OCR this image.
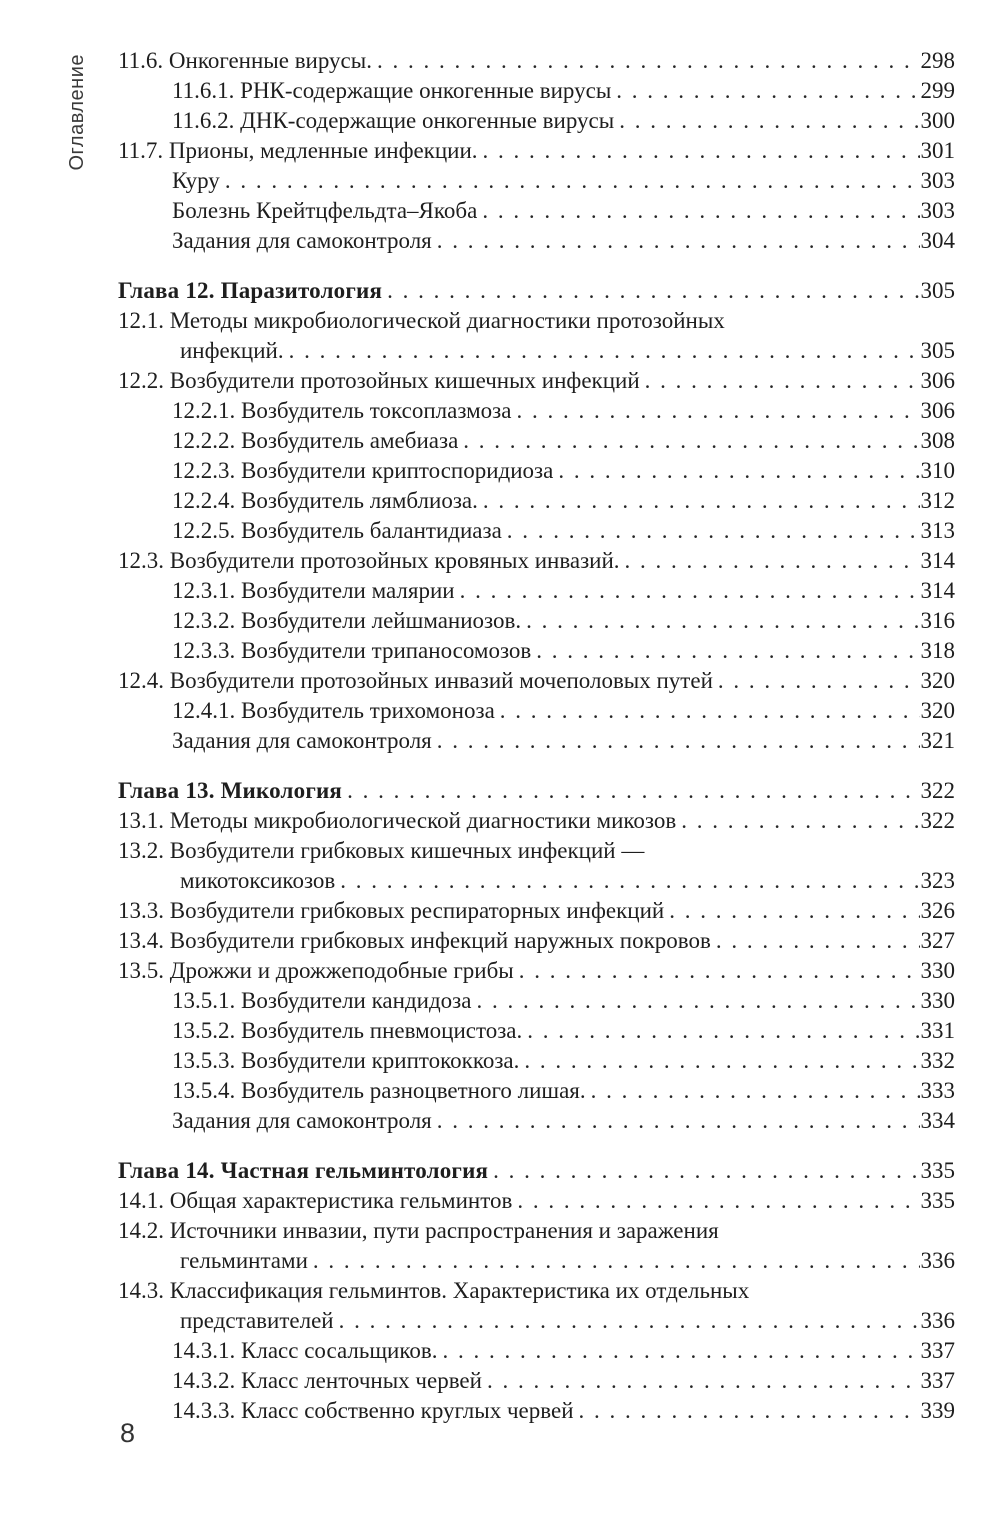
Оглавление 11.6. Онкогенные вирусы. . . .	298
11.6.1. РНК-содержащие онкогенные вирусы . . .	299
11.6.2. ДНК-содержащие онкогенные вирусы . . .	300
11.7. Прионы, медленные инфекции. . . .	301
Куру . . .	303
Болезнь Крейтцфельдта–Якоба . . .	303
Задания для самоконтроля . . .	304
Глава 12. Паразитология . . .	305
12.1. Методы микробиологической диагностики протозойных
инфекций. . . .	305
12.2. Возбудители протозойных кишечных инфекций . . .	306
12.2.1. Возбудитель токсоплазмоза . . .	306
12.2.2. Возбудитель амебиаза . . .	308
12.2.3. Возбудители криптоспоридиоза . . .	310
12.2.4. Возбудитель лямблиоза. . . .	312
12.2.5. Возбудитель балантидиаза . . .	313
12.3. Возбудители протозойных кровяных инвазий. . . .	314
12.3.1. Возбудители малярии . . .	314
12.3.2. Возбудители лейшманиозов. . . .	316
12.3.3. Возбудители трипаносомозов . . .	318
12.4. Возбудители протозойных инвазий мочеполовых путей . . .	320
12.4.1. Возбудитель трихомоноза . . .	320
Задания для самоконтроля . . .	321
Глава 13. Микология . . .	322
13.1. Методы микробиологической диагностики микозов . . .	322
13.2. Возбудители грибковых кишечных инфекций —
микотоксикозов . . .	323
13.3. Возбудители грибковых респираторных инфекций . . .	326
13.4. Возбудители грибковых инфекций наружных покровов . . .	327
13.5. Дрожжи и дрожжеподобные грибы . . .	330
13.5.1. Возбудители кандидоза . . .	330
13.5.2. Возбудитель пневмоцистоза. . . .	331
13.5.3. Возбудители криптококкоза. . . .	332
13.5.4. Возбудитель разноцветного лишая. . . .	333
Задания для самоконтроля . . .	334
Глава 14. Частная гельминтология . . .	335
14.1. Общая характеристика гельминтов . . .	335
14.2. Источники инвазии, пути распространения и заражения
гельминтами . . .	336
14.3. Классификация гельминтов. Характеристика их отдельных
представителей . . .	336
14.3.1. Класс сосальщиков. . . .	337
14.3.2. Класс ленточных червей . . .	337
14.3.3. Класс собственно круглых червей . . .	339
8
